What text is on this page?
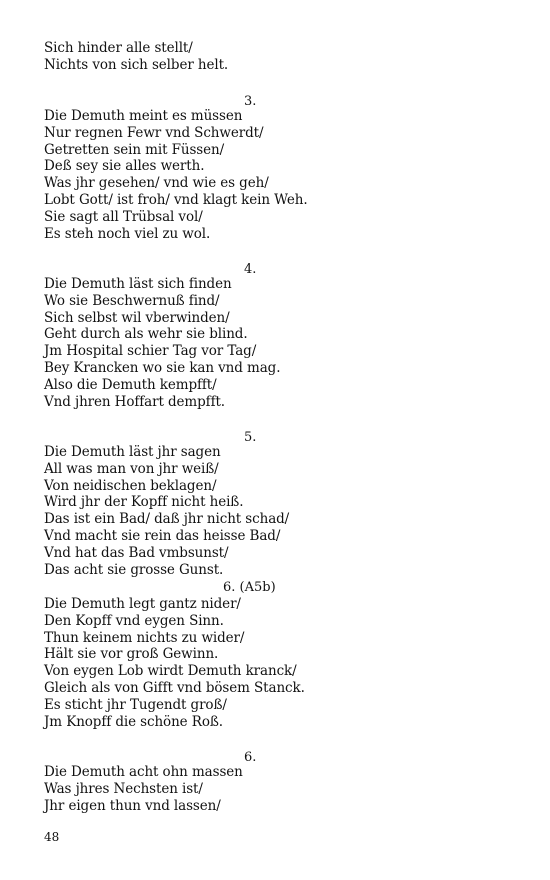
Sich hinder alle stellt/
Nichts von sich selber helt.
3.
Die Demuth meint es müssen
Nur regnen Fewr vnd Schwerdt/
Getretten sein mit Füssen/
Deß sey sie alles werth.
Was jhr gesehen/ vnd wie es geh/
Lobt Gott/ ist froh/ vnd klagt kein Weh.
Sie sagt all Trübsal vol/
Es steh noch viel zu wol.
4.
Die Demuth läst sich finden
Wo sie Beschwernuß find/
Sich selbst wil vberwinden/
Geht durch als wehr sie blind.
Jm Hospital schier Tag vor Tag/
Bey Krancken wo sie kan vnd mag.
Also die Demuth kempfft/
Vnd jhren Hoffart dempfft.
5.
Die Demuth läst jhr sagen
All was man von jhr weiß/
Von neidischen beklagen/
Wird jhr der Kopff nicht heiß.
Das ist ein Bad/ daß jhr nicht schad/
Vnd macht sie rein das heisse Bad/
Vnd hat das Bad vmbsunst/
Das acht sie grosse Gunst.
6. (A5b)
Die Demuth legt gantz nider/
Den Kopff vnd eygen Sinn.
Thun keinem nichts zu wider/
Hält sie vor groß Gewinn.
Von eygen Lob wirdt Demuth kranck/
Gleich als von Gifft vnd bösem Stanck.
Es sticht jhr Tugendt groß/
Jm Knopff die schöne Roß.
6.
Die Demuth acht ohn massen
Was jhres Nechsten ist/
Jhr eigen thun vnd lassen/
48
